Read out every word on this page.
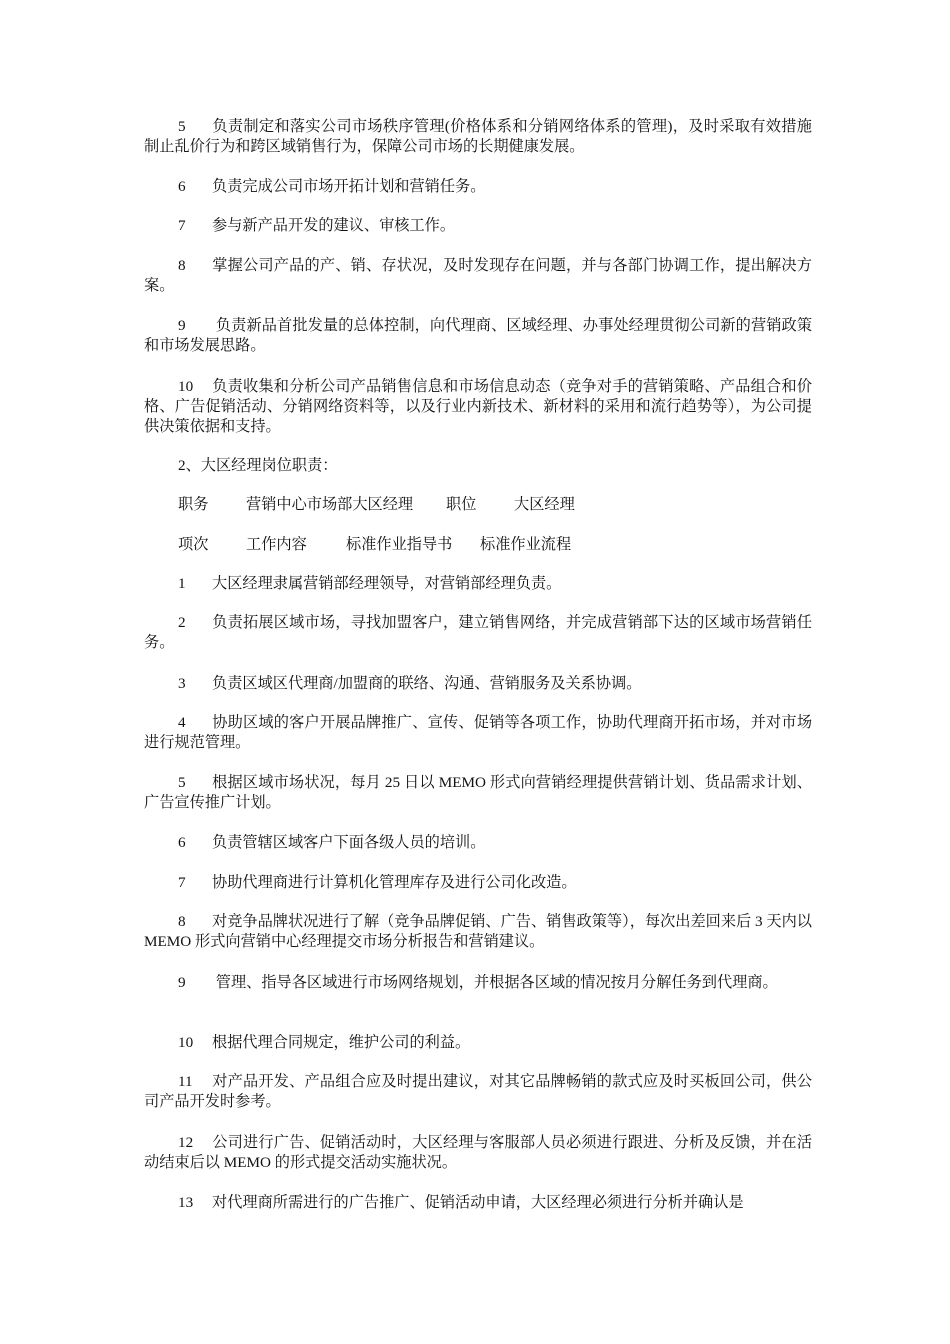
5 负责制定和落实公司市场秩序管理(价格体系和分销网络体系的管理)，及时采取有效措施制止乱价行为和跨区域销售行为，保障公司市场的长期健康发展。
6 负责完成公司市场开拓计划和营销任务。
7 参与新产品开发的建议、审核工作。
8 掌握公司产品的产、销、存状况，及时发现存在问题，并与各部门协调工作，提出解决方案。
9 负责新品首批发量的总体控制，向代理商、区域经理、办事处经理贯彻公司新的营销政策和市场发展思路。
10 负责收集和分析公司产品销售信息和市场信息动态（竞争对手的营销策略、产品组合和价格、广告促销活动、分销网络资料等，以及行业内新技术、新材料的采用和流行趋势等），为公司提供决策依据和支持。
2、大区经理岗位职责：
职务 营销中心市场部大区经理 职位 大区经理
项次 工作内容	标准作业指导书 标准作业流程
1 大区经理隶属营销部经理领导，对营销部经理负责。
2 负责拓展区域市场，寻找加盟客户，建立销售网络，并完成营销部下达的区域市场营销任务。
3 负责区域区代理商/加盟商的联络、沟通、营销服务及关系协调。
4 协助区域的客户开展品牌推广、宣传、促销等各项工作，协助代理商开拓市场，并对市场进行规范管理。
5 根据区域市场状况，每月 25 日以 MEMO 形式向营销经理提供营销计划、货品需求计划、广告宣传推广计划。
6 负责管辖区域客户下面各级人员的培训。
7 协助代理商进行计算机化管理库存及进行公司化改造。
8 对竞争品牌状况进行了解（竞争品牌促销、广告、销售政策等），每次出差回来后 3 天内以 MEMO 形式向营销中心经理提交市场分析报告和营销建议。
9 管理、指导各区域进行市场网络规划，并根据各区域的情况按月分解任务到代理商。
10 根据代理合同规定，维护公司的利益。
11 对产品开发、产品组合应及时提出建议，对其它品牌畅销的款式应及时买板回公司，供公司产品开发时参考。
12 公司进行广告、促销活动时，大区经理与客服部人员必须进行跟进、分析及反馈，并在活动结束后以 MEMO 的形式提交活动实施状况。
13 对代理商所需进行的广告推广、促销活动申请，大区经理必须进行分析并确认是
